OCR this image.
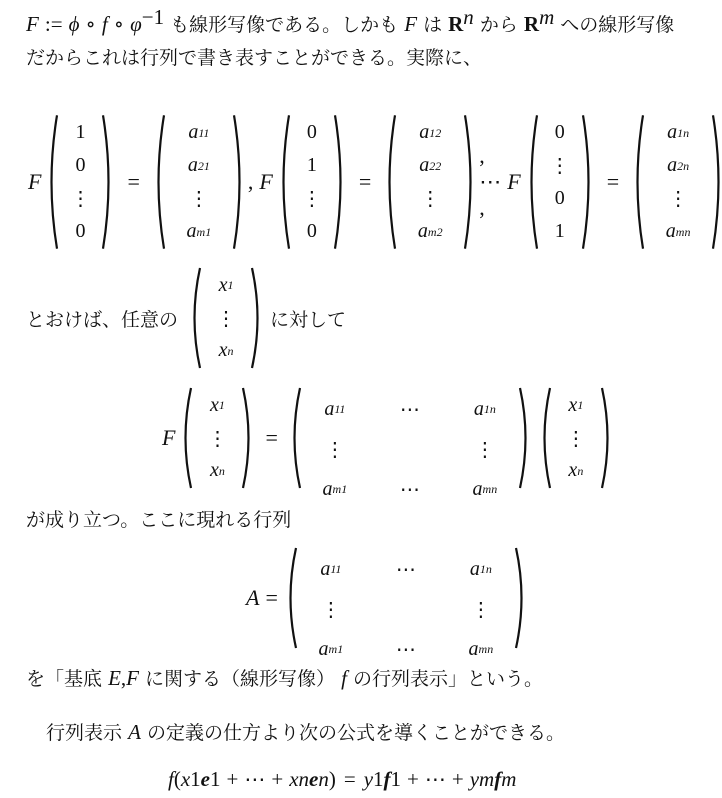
F := ϕ ∘ f ∘ $\varphi^{-1}$ も線形写像である。しかも F は $R^n$ から $R^m$ への線形写像
だからこれは行列で書き表すことができる。実際に、
F
1
0
⋮
0
=
a 11
a 21
⋮
a m1
, F
0
1
⋮
0
=
a 12
a 22
⋮
a m2
, ⋯ ,
F
0
⋮
0
1
=
a 1n
a 2n
⋮
a mn
とおけば、任意の
x 1
⋮
x n
に対して
F
x 1
⋮
x n
=
a 11	⋯	a 1n
⋮	⋮
a m1	⋯	a mn
x 1
⋮
x n
が成り立つ。ここに現れる行列
A =
a 11	⋯	a 1n
⋮	⋮
a m1	⋯	a mn
を「基底 E,F に関する（線形写像） f の行列表示」という。
行列表示 A の定義の仕方より次の公式を導くことができる。
f ( x 1 e 1 + ⋯ + x n e n ) = y 1 f 1 + ⋯ + y m f m
